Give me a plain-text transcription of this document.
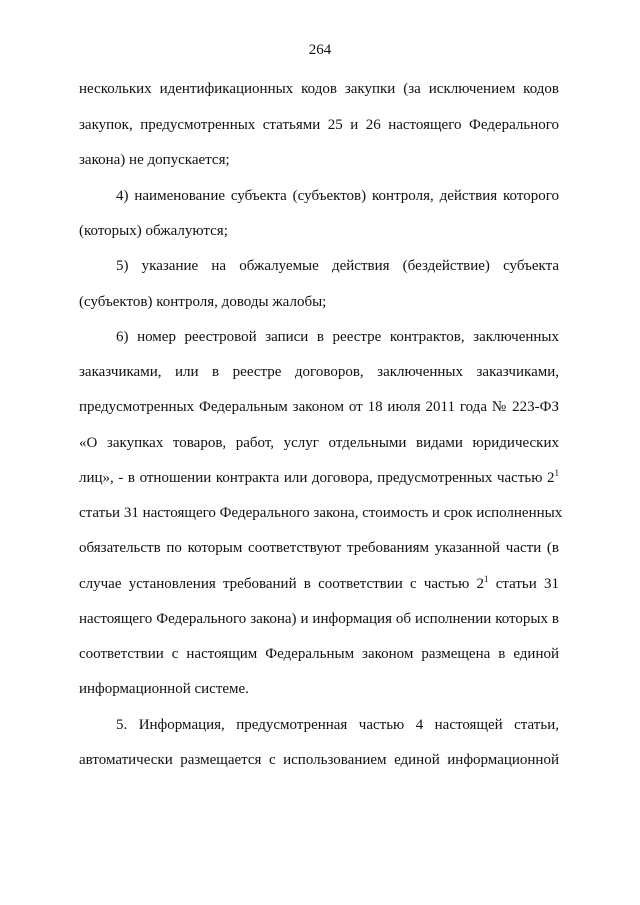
264
нескольких идентификационных кодов закупки (за исключением кодов
закупок, предусмотренных статьями 25 и 26 настоящего Федерального
закона) не допускается;
4) наименование субъекта (субъектов) контроля, действия которого
(которых) обжалуются;
5) указание на обжалуемые действия (бездействие) субъекта
(субъектов) контроля, доводы жалобы;
6) номер реестровой записи в реестре контрактов, заключенных
заказчиками, или в реестре договоров, заключенных заказчиками,
предусмотренных Федеральным законом от 18 июля 2011 года № 223-ФЗ
«О закупках товаров, работ, услуг отдельными видами юридических
лиц», - в отношении контракта или договора, предусмотренных частью $2^1$
статьи 31 настоящего Федерального закона, стоимость и срок исполненных
обязательств по которым соответствуют требованиям указанной части (в
случае установления требований в соответствии с частью $2^1$ статьи 31
настоящего Федерального закона) и информация об исполнении которых в
соответствии с настоящим Федеральным законом размещена в единой
информационной системе.
5. Информация, предусмотренная частью 4 настоящей статьи,
автоматически размещается с использованием единой информационной
